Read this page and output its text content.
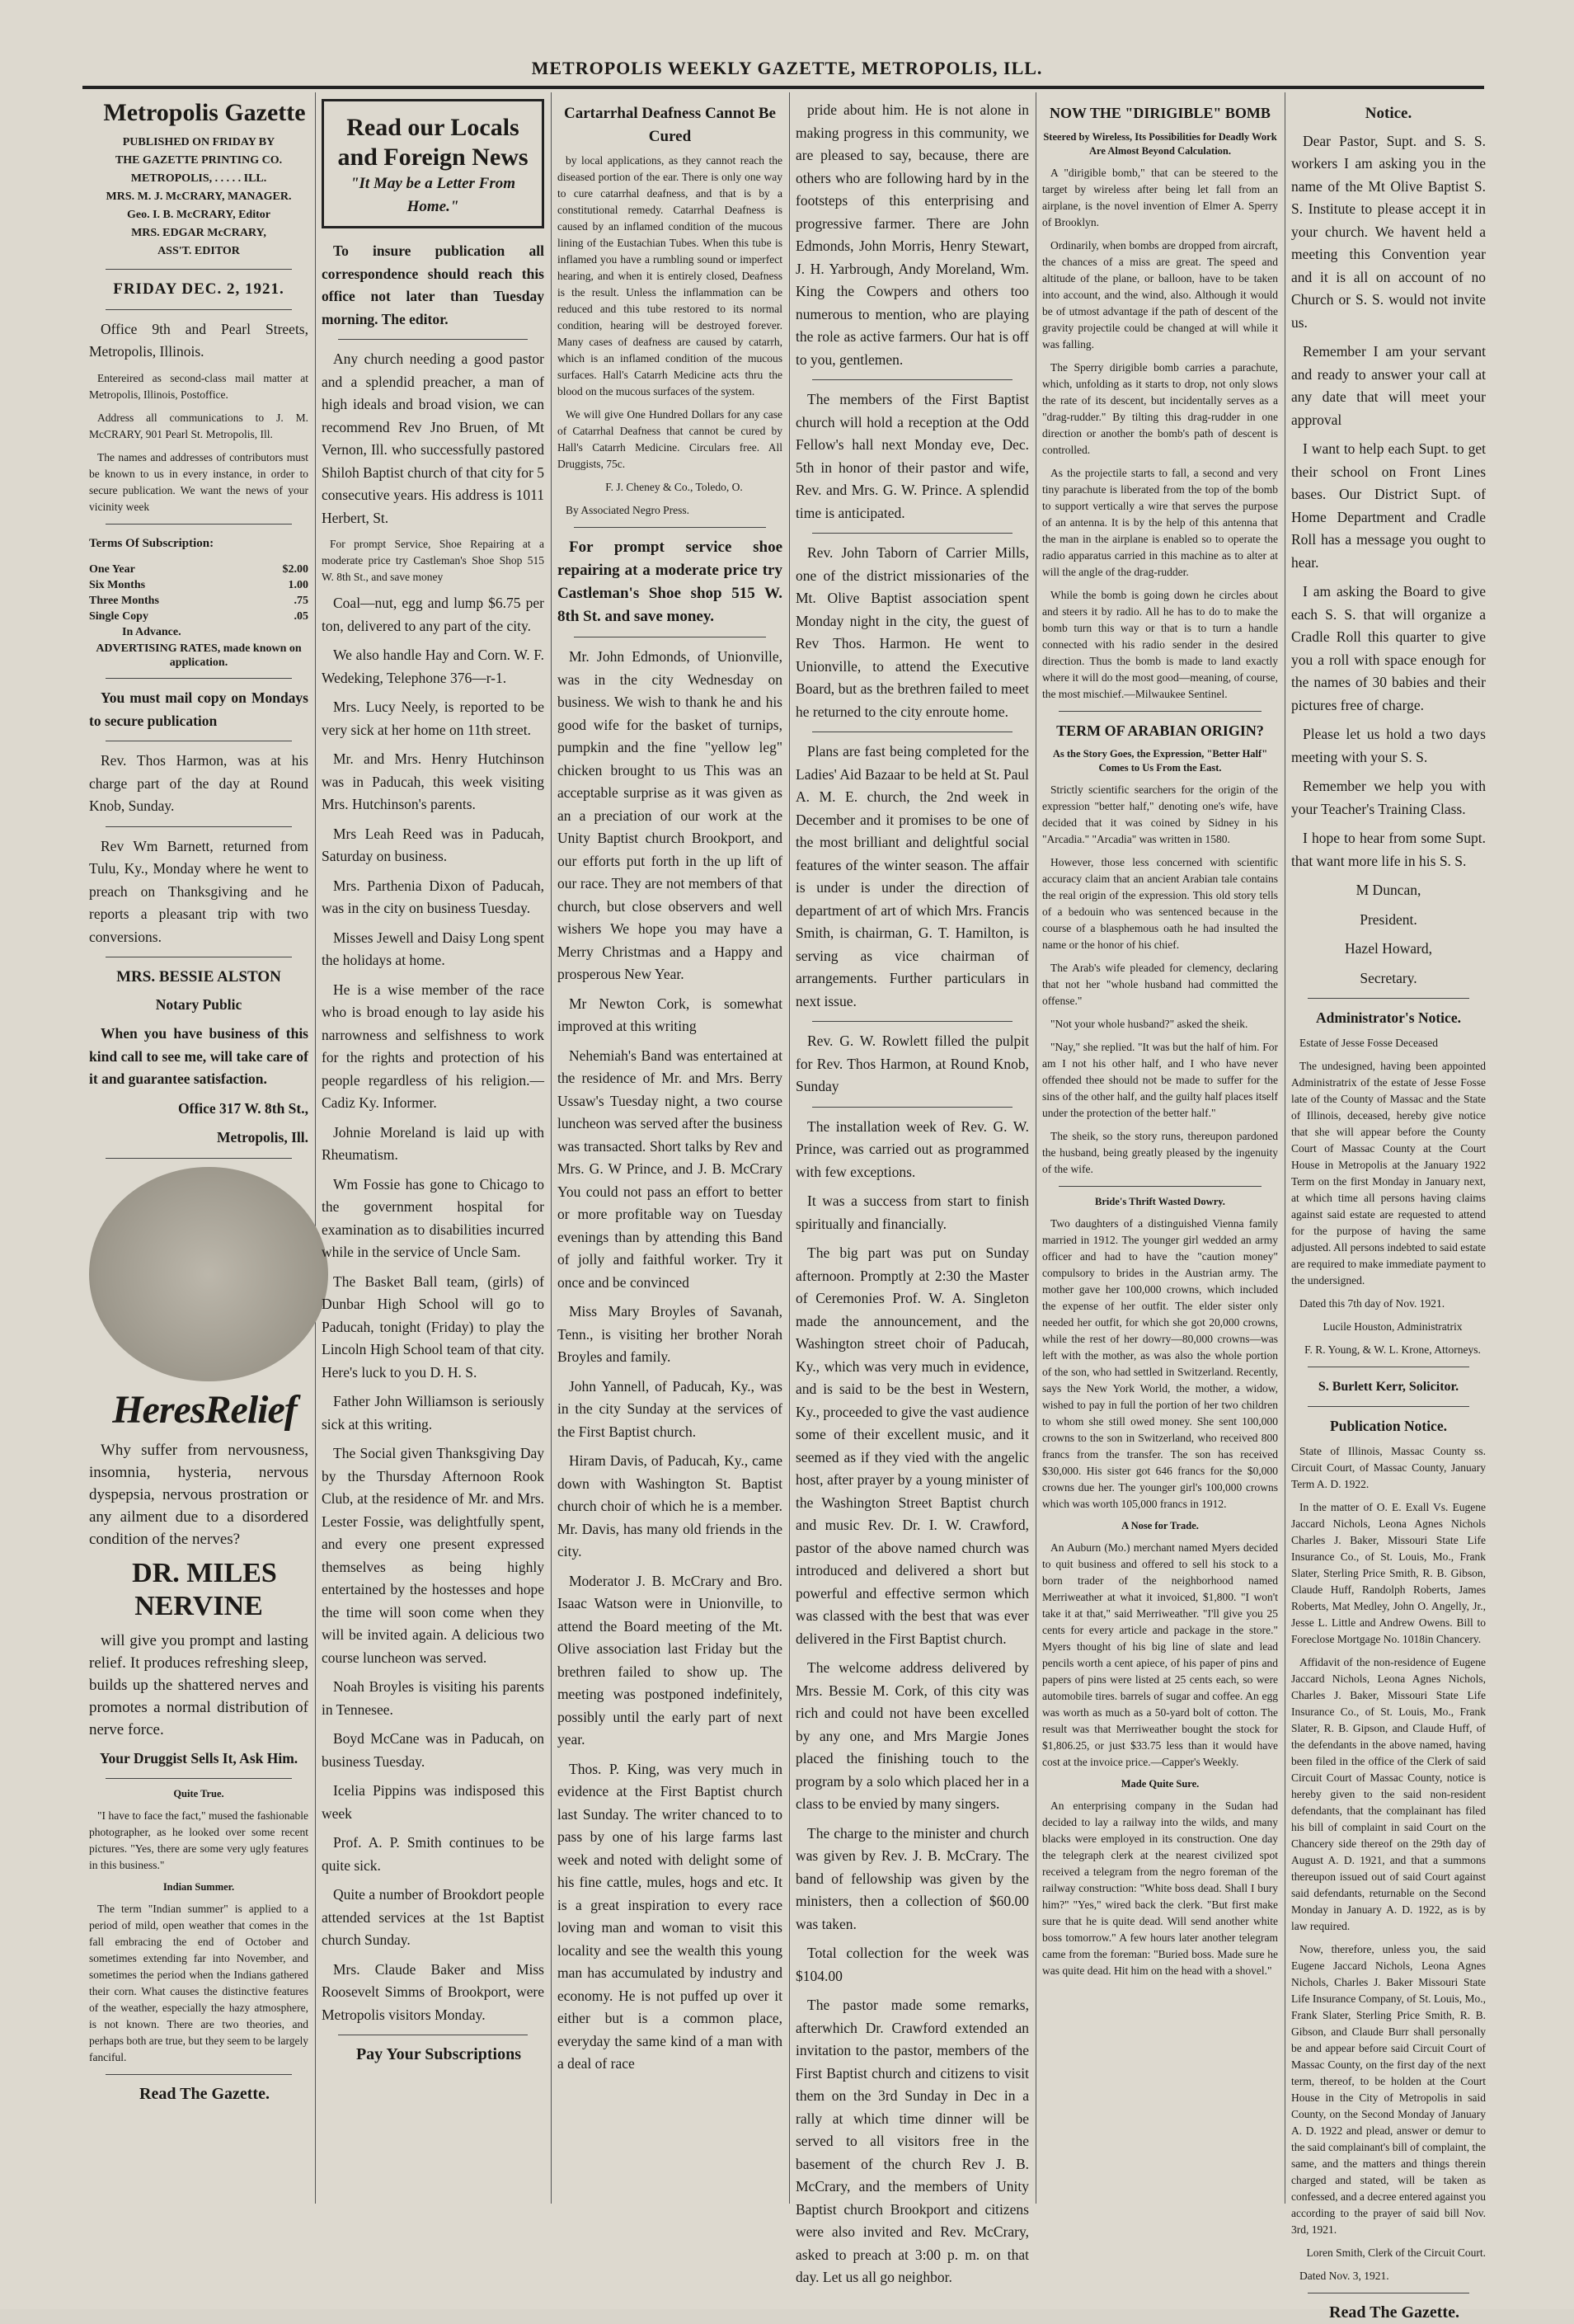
METROPOLIS WEEKLY GAZETTE, METROPOLIS, ILL.

Metropolis Gazette

PUBLISHED ON FRIDAY BY
THE GAZETTE PRINTING CO.
METROPOLIS, . . . . . ILL.
MRS. M. J. McCRARY, MANAGER.
Geo. I. B. McCRARY, Editor
MRS. EDGAR McCRARY,
ASS'T. EDITOR

FRIDAY DEC. 2, 1921.

Office 9th and Pearl Streets, Metropolis, Illinois.

Entereired as second-class mail matter at Metropolis, Illinois, Postoffice.

Address all communications to J. M. McCRARY, 901 Pearl St. Metropolis, Ill.

The names and addresses of contributors must be known to us in every instance, in order to secure publication. We want the news of your vicinity week

Terms Of Subscription:

One Year	$2.00
Six Months	1.00
Three Months	.75
Single Copy	.05
In Advance.

ADVERTISING RATES, made known on application.

You must mail copy on Mondays to secure publication

Rev. Thos Harmon, was at his charge part of the day at Round Knob, Sunday.

Rev Wm Barnett, returned from Tulu, Ky., Monday where he went to preach on Thanksgiving and he reports a pleasant trip with two conversions.

MRS. BESSIE ALSTON

Notary Public

When you have business of this kind call to see me, will take care of it and guarantee satisfaction.

Office 317 W. 8th St.,

Metropolis, Ill.

HeresRelief

Why suffer from nervousness, insomnia, hysteria, nervous dyspepsia, nervous prostration or any ailment due to a disordered condition of the nerves?

DR. MILES NERVINE

will give you prompt and lasting relief. It produces refreshing sleep, builds up the shattered nerves and promotes a normal distribution of nerve force.

Your Druggist Sells It, Ask Him.

Quite True.

"I have to face the fact," mused the fashionable photographer, as he looked over some recent pictures. "Yes, there are some very ugly features in this business."

Indian Summer.

The term "Indian summer" is applied to a period of mild, open weather that comes in the fall embracing the end of October and sometimes extending far into November, and sometimes the period when the Indians gathered their corn. What causes the distinctive features of the weather, especially the hazy atmosphere, is not known. There are two theories, and perhaps both are true, but they seem to be largely fanciful.

Read The Gazette.

Read our Locals and Foreign News
"It May be a Letter From Home."

To insure publication all correspondence should reach this office not later than Tuesday morning. The editor.

Any church needing a good pastor and a splendid preacher, a man of high ideals and broad vision, we can recommend Rev Jno Bruen, of Mt Vernon, Ill. who successfully pastored Shiloh Baptist church of that city for 5 consecutive years. His address is 1011 Herbert, St.

For prompt Service, Shoe Repairing at a moderate price try Castleman's Shoe Shop 515 W. 8th St., and save money

Coal—nut, egg and lump $6.75 per ton, delivered to any part of the city.

We also handle Hay and Corn. W. F. Wedeking, Telephone 376—r-1.

Mrs. Lucy Neely, is reported to be very sick at her home on 11th street.

Mr. and Mrs. Henry Hutchinson was in Paducah, this week visiting Mrs. Hutchinson's parents.

Mrs Leah Reed was in Paducah, Saturday on business.

Mrs. Parthenia Dixon of Paducah, was in the city on business Tuesday.

Misses Jewell and Daisy Long spent the holidays at home.

He is a wise member of the race who is broad enough to lay aside his narrowness and selfishness to work for the rights and protection of his people regardless of his religion.—Cadiz Ky. Informer.

Johnie Moreland is laid up with Rheumatism.

Wm Fossie has gone to Chicago to the government hospital for examination as to disabilities incurred while in the service of Uncle Sam.

The Basket Ball team, (girls) of Dunbar High School will go to Paducah, tonight (Friday) to play the Lincoln High School team of that city. Here's luck to you D. H. S.

Father John Williamson is seriously sick at this writing.

The Social given Thanksgiving Day by the Thursday Afternoon Rook Club, at the residence of Mr. and Mrs. Lester Fossie, was delightfully spent, and every one present expressed themselves as being highly entertained by the hostesses and hope the time will soon come when they will be invited again. A delicious two course luncheon was served.

Noah Broyles is visiting his parents in Tennesee.

Boyd McCane was in Paducah, on business Tuesday.

Icelia Pippins was indisposed this week

Prof. A. P. Smith continues to be quite sick.

Quite a number of Brookdort people attended services at the 1st Baptist church Sunday.

Mrs. Claude Baker and Miss Roosevelt Simms of Brookport, were Metropolis visitors Monday.

Pay Your Subscriptions

Cartarrhal Deafness Cannot Be Cured

by local applications, as they cannot reach the diseased portion of the ear. There is only one way to cure catarrhal deafness, and that is by a constitutional remedy. Catarrhal Deafness is caused by an inflamed condition of the mucous lining of the Eustachian Tubes. When this tube is inflamed you have a rumbling sound or imperfect hearing, and when it is entirely closed, Deafness is the result. Unless the inflammation can be reduced and this tube restored to its normal condition, hearing will be destroyed forever. Many cases of deafness are caused by catarrh, which is an inflamed condition of the mucous surfaces. Hall's Catarrh Medicine acts thru the blood on the mucous surfaces of the system.

We will give One Hundred Dollars for any case of Catarrhal Deafness that cannot be cured by Hall's Catarrh Medicine. Circulars free. All Druggists, 75c.

F. J. Cheney & Co., Toledo, O.

By Associated Negro Press.

For prompt service shoe repairing at a moderate price try Castleman's Shoe shop 515 W. 8th St. and save money.

Mr. John Edmonds, of Unionville, was in the city Wednesday on business. We wish to thank he and his good wife for the basket of turnips, pumpkin and the fine "yellow leg" chicken brought to us This was an acceptable surprise as it was given as an a preciation of our work at the Unity Baptist church Brookport, and our efforts put forth in the up lift of our race. They are not members of that church, but close observers and well wishers We hope you may have a Merry Christmas and a Happy and prosperous New Year.

Mr Newton Cork, is somewhat improved at this writing

Nehemiah's Band was entertained at the residence of Mr. and Mrs. Berry Ussaw's Tuesday night, a two course luncheon was served after the business was transacted. Short talks by Rev and Mrs. G. W Prince, and J. B. McCrary You could not pass an effort to better or more profitable way on Tuesday evenings than by attending this Band of jolly and faithful worker. Try it once and be convinced

Miss Mary Broyles of Savanah, Tenn., is visiting her brother Norah Broyles and family.

John Yannell, of Paducah, Ky., was in the city Sunday at the services of the First Baptist church.

Hiram Davis, of Paducah, Ky., came down with Washington St. Baptist church choir of which he is a member. Mr. Davis, has many old friends in the city.

Moderator J. B. McCrary and Bro. Isaac Watson were in Unionville, to attend the Board meeting of the Mt. Olive association last Friday but the brethren failed to show up. The meeting was postponed indefinitely, possibly until the early part of next year.

Thos. P. King, was very much in evidence at the First Baptist church last Sunday. The writer chanced to to pass by one of his large farms last week and noted with delight some of his fine cattle, mules, hogs and etc. It is a great inspiration to every race loving man and woman to visit this locality and see the wealth this young man has accumulated by industry and economy. He is not puffed up over it either but is a common place, everyday the same kind of a man with a deal of race

pride about him. He is not alone in making progress in this community, we are pleased to say, because, there are others who are following hard by in the footsteps of this enterprising and progressive farmer. There are John Edmonds, John Morris, Henry Stewart, J. H. Yarbrough, Andy Moreland, Wm. King the Cowpers and others too numerous to mention, who are playing the role as active farmers. Our hat is off to you, gentlemen.

The members of the First Baptist church will hold a reception at the Odd Fellow's hall next Monday eve, Dec. 5th in honor of their pastor and wife, Rev. and Mrs. G. W. Prince. A splendid time is anticipated.

Rev. John Taborn of Carrier Mills, one of the district missionaries of the Mt. Olive Baptist association spent Monday night in the city, the guest of Rev Thos. Harmon. He went to Unionville, to attend the Executive Board, but as the brethren failed to meet he returned to the city enroute home.

Plans are fast being completed for the Ladies' Aid Bazaar to be held at St. Paul A. M. E. church, the 2nd week in December and it promises to be one of the most brilliant and delightful social features of the winter season. The affair is under is under the direction of department of art of which Mrs. Francis Smith, is chairman, G. T. Hamilton, is serving as vice chairman of arrangements. Further particulars in next issue.

Rev. G. W. Rowlett filled the pulpit for Rev. Thos Harmon, at Round Knob, Sunday

The installation week of Rev. G. W. Prince, was carried out as programmed with few exceptions.

It was a success from start to finish spiritually and financially.

The big part was put on Sunday afternoon. Promptly at 2:30 the Master of Ceremonies Prof. W. A. Singleton made the announcement, and the Washington street choir of Paducah, Ky., which was very much in evidence, and is said to be the best in Western, Ky., proceeded to give the vast audience some of their excellent music, and it seemed as if they vied with the angelic host, after prayer by a young minister of the Washington Street Baptist church and music Rev. Dr. I. W. Crawford, pastor of the above named church was introduced and delivered a short but powerful and effective sermon which was classed with the best that was ever delivered in the First Baptist church.

The welcome address delivered by Mrs. Bessie M. Cork, of this city was rich and could not have been excelled by any one, and Mrs Margie Jones placed the finishing touch to the program by a solo which placed her in a class to be envied by many singers.

The charge to the minister and church was given by Rev. J. B. McCrary. The band of fellowship was given by the ministers, then a collection of $60.00 was taken.

Total collection for the week was $104.00

The pastor made some remarks, afterwhich Dr. Crawford extended an invitation to the pastor, members of the First Baptist church and citizens to visit them on the 3rd Sunday in Dec in a rally at which time dinner will be served to all visitors free in the basement of the church Rev J. B. McCrary, and the members of Unity Baptist church Brookport and citizens were also invited and Rev. McCrary, asked to preach at 3:00 p. m. on that day. Let us all go neighbor.

NOW THE "DIRIGIBLE" BOMB

Steered by Wireless, Its Possibilities for Deadly Work Are Almost Beyond Calculation.

A "dirigible bomb," that can be steered to the target by wireless after being let fall from an airplane, is the novel invention of Elmer A. Sperry of Brooklyn.

Ordinarily, when bombs are dropped from aircraft, the chances of a miss are great. The speed and altitude of the plane, or balloon, have to be taken into account, and the wind, also. Although it would be of utmost advantage if the path of descent of the gravity projectile could be changed at will while it was falling.

The Sperry dirigible bomb carries a parachute, which, unfolding as it starts to drop, not only slows the rate of its descent, but incidentally serves as a "drag-rudder." By tilting this drag-rudder in one direction or another the bomb's path of descent is controlled.

As the projectile starts to fall, a second and very tiny parachute is liberated from the top of the bomb to support vertically a wire that serves the purpose of an antenna. It is by the help of this antenna that the man in the airplane is enabled so to operate the radio apparatus carried in this machine as to alter at will the angle of the drag-rudder.

While the bomb is going down he circles about and steers it by radio. All he has to do to make the bomb turn this way or that is to turn a handle connected with his radio sender in the desired direction. Thus the bomb is made to land exactly where it will do the most good—meaning, of course, the most mischief.—Milwaukee Sentinel.

TERM OF ARABIAN ORIGIN?

As the Story Goes, the Expression, "Better Half" Comes to Us From the East.

Strictly scientific searchers for the origin of the expression "better half," denoting one's wife, have decided that it was coined by Sidney in his "Arcadia." "Arcadia" was written in 1580.

However, those less concerned with scientific accuracy claim that an ancient Arabian tale contains the real origin of the expression. This old story tells of a bedouin who was sentenced because in the course of a blasphemous oath he had insulted the name or the honor of his chief.

The Arab's wife pleaded for clemency, declaring that not her "whole husband had committed the offense."

"Not your whole husband?" asked the sheik.

"Nay," she replied. "It was but the half of him. For am I not his other half, and I who have never offended thee should not be made to suffer for the sins of the other half, and the guilty half places itself under the protection of the better half."

The sheik, so the story runs, thereupon pardoned the husband, being greatly pleased by the ingenuity of the wife.

Bride's Thrift Wasted Dowry.

Two daughters of a distinguished Vienna family married in 1912. The younger girl wedded an army officer and had to have the "caution money" compulsory to brides in the Austrian army. The mother gave her 100,000 crowns, which included the expense of her outfit. The elder sister only needed her outfit, for which she got 20,000 crowns, while the rest of her dowry—80,000 crowns—was left with the mother, as was also the whole portion of the son, who had settled in Switzerland. Recently, says the New York World, the mother, a widow, wished to pay in full the portion of her two children to whom she still owed money. She sent 100,000 crowns to the son in Switzerland, who received 800 francs from the transfer. The son has received $30,000. His sister got 646 francs for the $0,000 crowns due her. The younger girl's 100,000 crowns which was worth 105,000 francs in 1912.

A Nose for Trade.

An Auburn (Mo.) merchant named Myers decided to quit business and offered to sell his stock to a born trader of the neighborhood named Merriweather at what it invoiced, $1,800. "I won't take it at that," said Merriweather. "I'll give you 25 cents for every article and package in the store." Myers thought of his big line of slate and lead pencils worth a cent apiece, of his paper of pins and papers of pins were listed at 25 cents each, so were automobile tires. barrels of sugar and coffee. An egg was worth as much as a 50-yard bolt of cotton. The result was that Merriweather bought the stock for $1,806.25, or just $33.75 less than it would have cost at the invoice price.—Capper's Weekly.

Made Quite Sure.

An enterprising company in the Sudan had decided to lay a railway into the wilds, and many blacks were employed in its construction. One day the telegraph clerk at the nearest civilized spot received a telegram from the negro foreman of the railway construction: "White boss dead. Shall I bury him?" "Yes," wired back the clerk. "But first make sure that he is quite dead. Will send another white boss tomorrow." A few hours later another telegram came from the foreman: "Buried boss. Made sure he was quite dead. Hit him on the head with a shovel."

Notice.

Dear Pastor, Supt. and S. S. workers I am asking you in the name of the Mt Olive Baptist S. S. Institute to please accept it in your church. We havent held a meeting this Convention year and it is all on account of no Church or S. S. would not invite us.

Remember I am your servant and ready to answer your call at any date that will meet your approval

I want to help each Supt. to get their school on Front Lines bases. Our District Supt. of Home Department and Cradle Roll has a message you ought to hear.

I am asking the Board to give each S. S. that will organize a Cradle Roll this quarter to give you a roll with space enough for the names of 30 babies and their pictures free of charge.

Please let us hold a two days meeting with your S. S.

Remember we help you with your Teacher's Training Class.

I hope to hear from some Supt. that want more life in his S. S.

M Duncan,

President.

Hazel Howard,

Secretary.

Administrator's Notice.

Estate of Jesse Fosse Deceased

The undesigned, having been appointed Administratrix of the estate of Jesse Fosse late of the County of Massac and the State of Illinois, deceased, hereby give notice that she will appear before the County Court of Massac County at the Court House in Metropolis at the January 1922 Term on the first Monday in January next, at which time all persons having claims against said estate are requested to attend for the purpose of having the same adjusted. All persons indebted to said estate are required to make immediate payment to the undersigned.

Dated this 7th day of Nov. 1921.

Lucile Houston, Administratrix

F. R. Young, & W. L. Krone, Attorneys.

S. Burlett Kerr, Solicitor.

Publication Notice.

State of Illinois, Massac County ss. Circuit Court, of Massac County, January Term A. D. 1922.

In the matter of O. E. Exall Vs. Eugene Jaccard Nichols, Leona Agnes Nichols Charles J. Baker, Missouri State Life Insurance Co., of St. Louis, Mo., Frank Slater, Sterling Price Smith, R. B. Gibson, Claude Huff, Randolph Roberts, James Roberts, Mat Medley, John O. Angelly, Jr., Jesse L. Little and Andrew Owens. Bill to Foreclose Mortgage No. 1018in Chancery.

Affidavit of the non-residence of Eugene Jaccard Nichols, Leona Agnes Nichols, Charles J. Baker, Missouri State Life Insurance Co., of St. Louis, Mo., Frank Slater, R. B. Gipson, and Claude Huff, of the defendants in the above named, having been filed in the office of the Clerk of said Circuit Court of Massac County, notice is hereby given to the said non-resident defendants, that the complainant has filed his bill of complaint in said Court on the Chancery side thereof on the 29th day of August A. D. 1921, and that a summons thereupon issued out of said Court against said defendants, returnable on the Second Monday in January A. D. 1922, as is by law required.

Now, therefore, unless you, the said Eugene Jaccard Nichols, Leona Agnes Nichols, Charles J. Baker Missouri State Life Insurance Company, of St. Louis, Mo., Frank Slater, Sterling Price Smith, R. B. Gibson, and Claude Burr shall personally be and appear before said Circuit Court of Massac County, on the first day of the next term, thereof, to be holden at the Court House in the City of Metropolis in said County, on the Second Monday of January A. D. 1922 and plead, answer or demur to the said complainant's bill of complaint, the same, and the matters and things therein charged and stated, will be taken as confessed, and a decree entered against you according to the prayer of said bill Nov. 3rd, 1921.

Loren Smith, Clerk of the Circuit Court.

Dated Nov. 3, 1921.

Read The Gazette.
